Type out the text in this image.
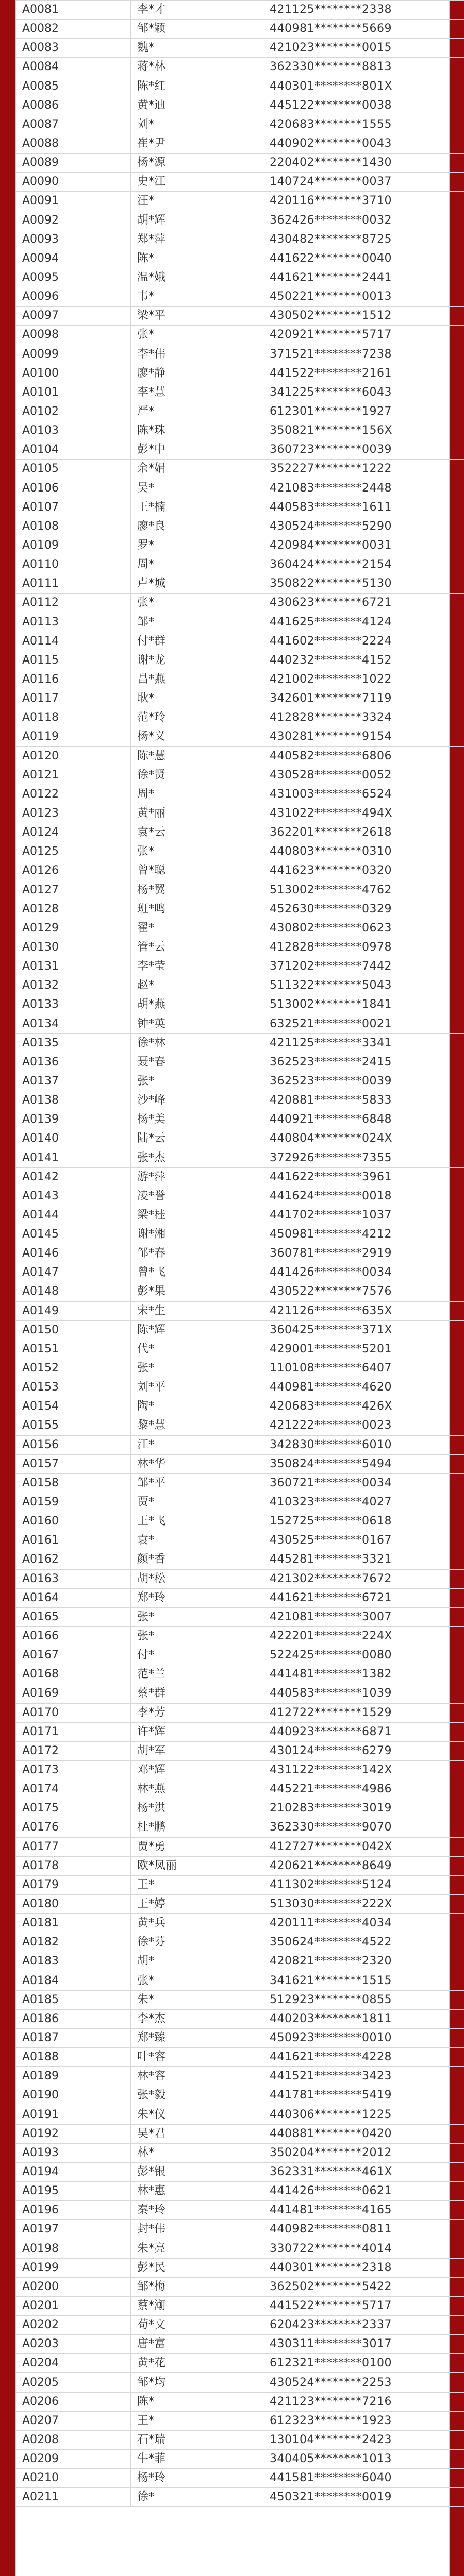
A0081	李*才	421125********2338
A0082	邹*颖	440981********5669
A0083	魏*	421023********0015
A0084	蒋*林	362330********8813
A0085	陈*红	440301********801X
A0086	黄*迪	445122********0038
A0087	刘*	420683********1555
A0088	崔*尹	440902********0043
A0089	杨*源	220402********1430
A0090	史*江	140724********0037
A0091	汪*	420116********3710
A0092	胡*辉	362426********0032
A0093	郑*萍	430482********8725
A0094	陈*	441622********0040
A0095	温*娥	441621********2441
A0096	韦*	450221********0013
A0097	梁*平	430502********1512
A0098	张*	420921********5717
A0099	李*伟	371521********7238
A0100	廖*静	441522********2161
A0101	李*慧	341225********6043
A0102	严*	612301********1927
A0103	陈*珠	350821********156X
A0104	彭*中	360723********0039
A0105	余*娟	352227********1222
A0106	吴*	421083********2448
A0107	王*楠	440583********1611
A0108	廖*良	430524********5290
A0109	罗*	420984********0031
A0110	周*	360424********2154
A0111	卢*城	350822********5130
A0112	张*	430623********6721
A0113	邹*	441625********4124
A0114	付*群	441602********2224
A0115	谢*龙	440232********4152
A0116	昌*燕	421002********1022
A0117	耿*	342601********7119
A0118	范*玲	412828********3324
A0119	杨*义	430281********9154
A0120	陈*慧	440582********6806
A0121	徐*贤	430528********0052
A0122	周*	431003********6524
A0123	黄*丽	431022********494X
A0124	袁*云	362201********2618
A0125	张*	440803********0310
A0126	曾*聪	441623********0320
A0127	杨*翼	513002********4762
A0128	班*鸣	452630********0329
A0129	翟*	430802********0623
A0130	管*云	412828********0978
A0131	李*莹	371202********7442
A0132	赵*	511322********5043
A0133	胡*燕	513002********1841
A0134	钟*英	632521********0021
A0135	徐*林	421125********3341
A0136	聂*春	362523********2415
A0137	张*	362523********0039
A0138	沙*峰	420881********5833
A0139	杨*美	440921********6848
A0140	陆*云	440804********024X
A0141	张*杰	372926********7355
A0142	游*萍	441622********3961
A0143	凌*誉	441624********0018
A0144	梁*桂	441702********1037
A0145	谢*湘	450981********4212
A0146	邹*春	360781********2919
A0147	曾*飞	441426********0034
A0148	彭*果	430522********7576
A0149	宋*生	421126********635X
A0150	陈*辉	360425********371X
A0151	代*	429001********5201
A0152	张*	110108********6407
A0153	刘*平	440981********4620
A0154	陶*	420683********426X
A0155	黎*慧	421222********0023
A0156	江*	342830********6010
A0157	林*华	350824********5494
A0158	邹*平	360721********0034
A0159	贾*	410323********4027
A0160	王*飞	152725********0618
A0161	袁*	430525********0167
A0162	颜*香	445281********3321
A0163	胡*松	421302********7672
A0164	郑*玲	441621********6721
A0165	张*	421081********3007
A0166	张*	422201********224X
A0167	付*	522425********0080
A0168	范*兰	441481********1382
A0169	蔡*群	440583********1039
A0170	李*芳	412722********1529
A0171	许*辉	440923********6871
A0172	胡*军	430124********6279
A0173	邓*辉	431122********142X
A0174	林*燕	445221********4986
A0175	杨*洪	210283********3019
A0176	杜*鹏	362330********9070
A0177	贾*勇	412727********042X
A0178	欧*凤丽	420621********8649
A0179	王*	411302********5124
A0180	王*婷	513030********222X
A0181	黄*兵	420111********4034
A0182	徐*芬	350624********4522
A0183	胡*	420821********2320
A0184	张*	341621********1515
A0185	朱*	512923********0855
A0186	李*杰	440203********1811
A0187	郑*臻	450923********0010
A0188	叶*容	441621********4228
A0189	林*容	441521********3423
A0190	张*毅	441781********5419
A0191	朱*仪	440306********1225
A0192	吴*君	440881********0420
A0193	林*	350204********2012
A0194	彭*银	362331********461X
A0195	林*惠	441426********0621
A0196	秦*玲	441481********4165
A0197	封*伟	440982********0811
A0198	朱*亮	330722********4014
A0199	彭*民	440301********2318
A0200	邹*梅	362502********5422
A0201	蔡*潮	441522********5717
A0202	苟*文	620423********2337
A0203	唐*富	430311********3017
A0204	黄*花	612321********0100
A0205	邹*均	430524********2253
A0206	陈*	421123********7216
A0207	王*	612323********1923
A0208	石*瑞	130104********2423
A0209	牛*菲	340405********1013
A0210	杨*玲	441581********6040
A0211	徐*	450321********0019
